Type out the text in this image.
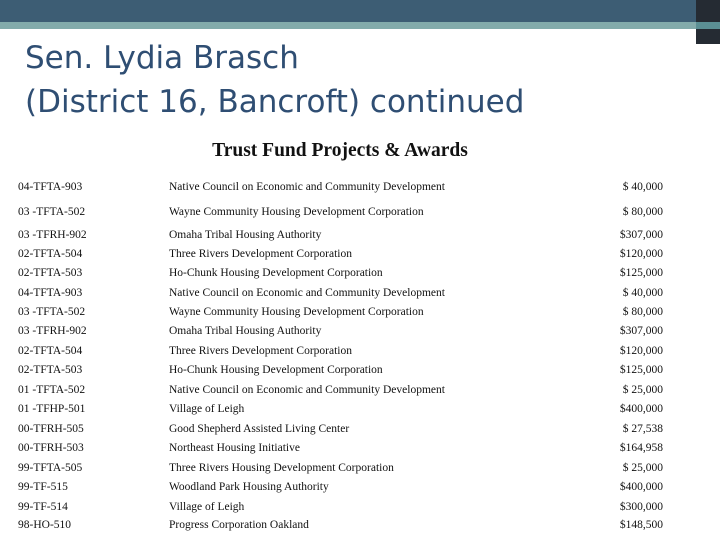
Sen. Lydia Brasch
(District 16, Bancroft) continued
Trust Fund Projects & Awards
04-TFTA-903	Native Council on Economic and Community Development	$ 40,000
03 -TFTA-502	Wayne Community Housing Development Corporation	$ 80,000
03 -TFRH-902	Omaha Tribal Housing Authority	$307,000
02-TFTA-504	Three Rivers Development Corporation	$120,000
02-TFTA-503	Ho-Chunk Housing Development Corporation	$125,000
04-TFTA-903	Native Council on Economic and Community Development	$ 40,000
03 -TFTA-502	Wayne Community Housing Development Corporation	$ 80,000
03 -TFRH-902	Omaha Tribal Housing Authority	$307,000
02-TFTA-504	Three Rivers Development Corporation	$120,000
02-TFTA-503	Ho-Chunk Housing Development Corporation	$125,000
01 -TFTA-502	Native Council on Economic and Community Development	$ 25,000
01 -TFHP-501	Village of Leigh	$400,000
00-TFRH-505	Good Shepherd Assisted Living Center	$ 27,538
00-TFRH-503	Northeast Housing Initiative	$164,958
99-TFTA-505	Three Rivers Housing Development Corporation	$ 25,000
99-TF-515	Woodland Park Housing Authority	$400,000
99-TF-514	Village of Leigh	$300,000
98-HO-510	Progress Corporation Oakland	$148,500
